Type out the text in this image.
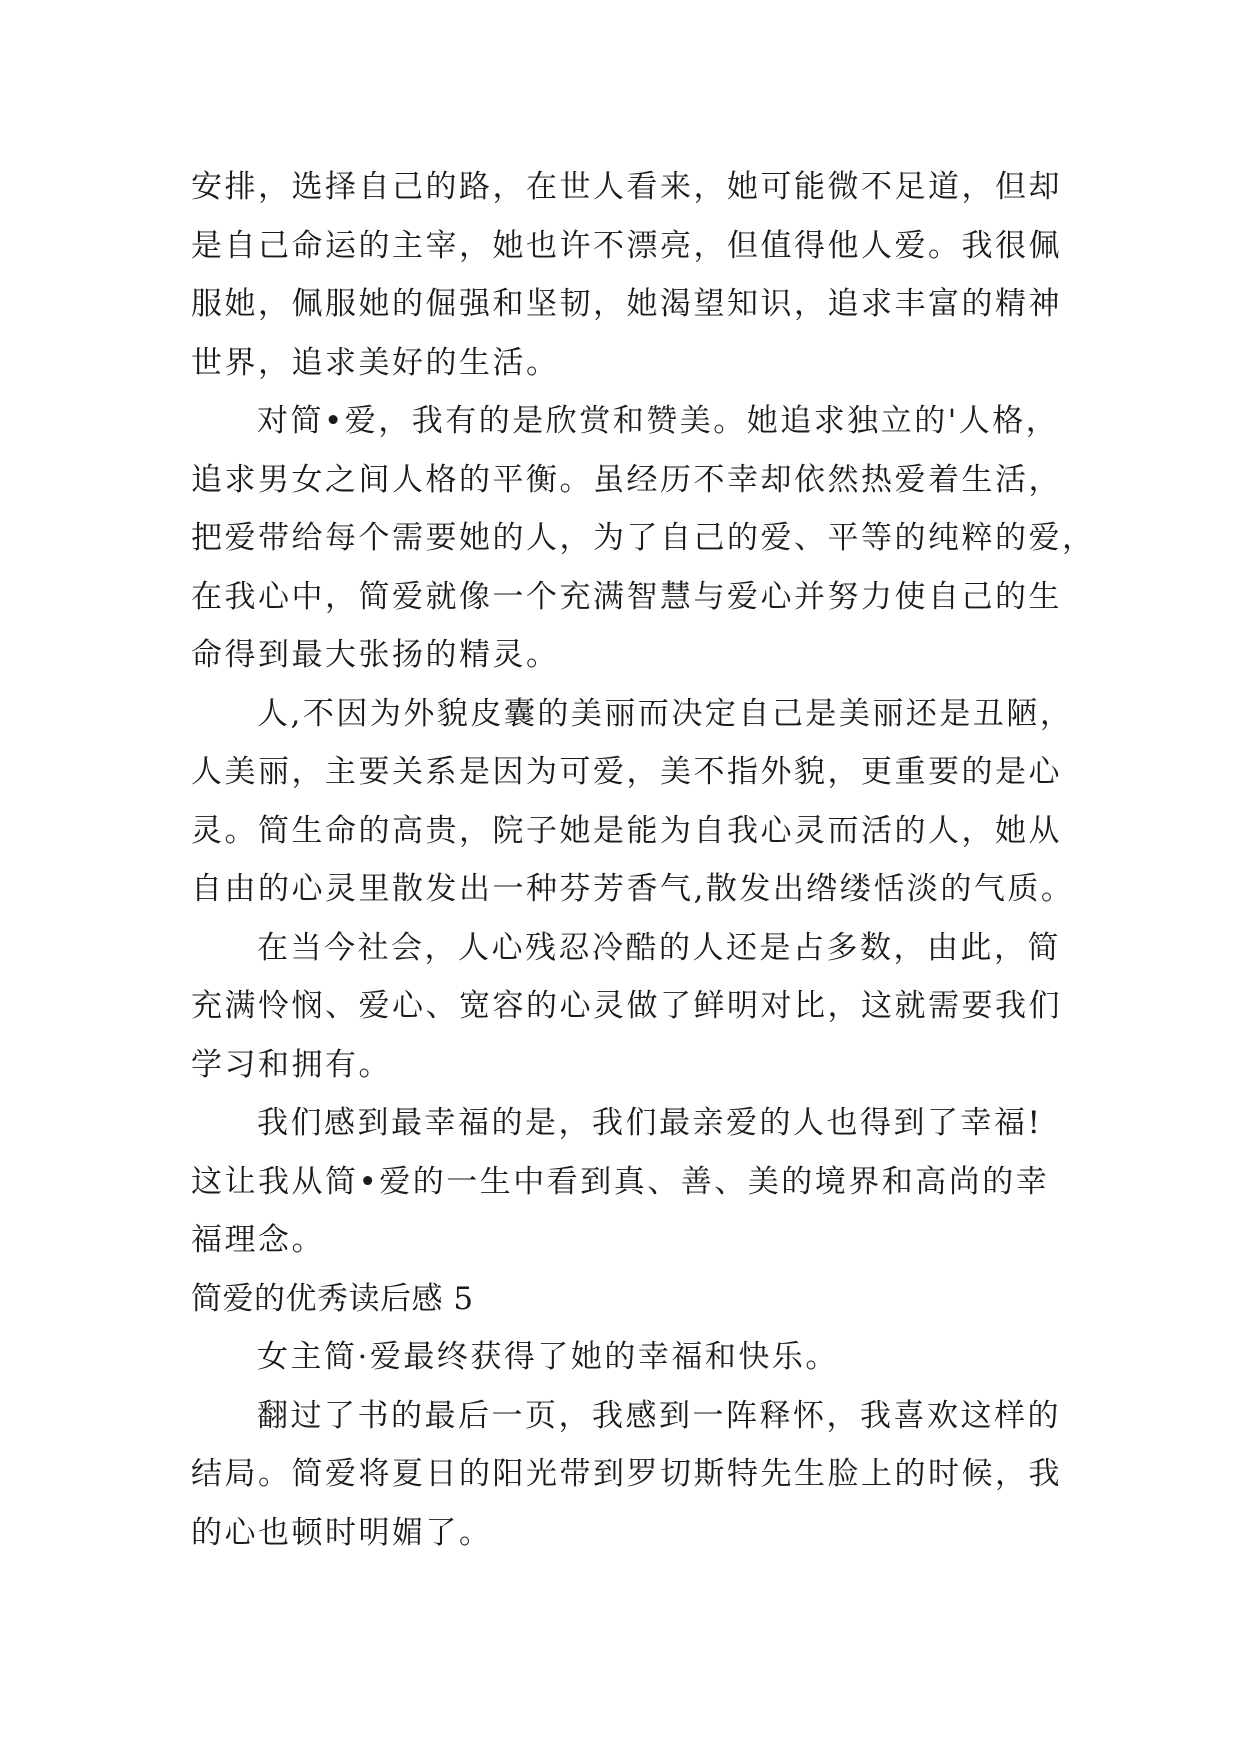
安排，选择自己的路，在世人看来，她可能微不足道，但却
是自己命运的主宰，她也许不漂亮，但值得他人爱。我很佩
服她，佩服她的倔强和坚韧，她渴望知识，追求丰富的精神
世界，追求美好的生活。
对简•爱，我有的是欣赏和赞美。她追求独立的'人格，
追求男女之间人格的平衡。虽经历不幸却依然热爱着生活，
把爱带给每个需要她的人，为了自己的爱、平等的纯粹的爱，
在我心中，简爱就像一个充满智慧与爱心并努力使自己的生
命得到最大张扬的精灵。
人,不因为外貌皮囊的美丽而决定自己是美丽还是丑陋，
人美丽，主要关系是因为可爱，美不指外貌，更重要的是心
灵。简生命的高贵，院子她是能为自我心灵而活的人，她从
自由的心灵里散发出一种芬芳香气,散发出绺缕恬淡的气质。
在当今社会，人心残忍冷酷的人还是占多数，由此，简
充满怜悯、爱心、宽容的心灵做了鲜明对比，这就需要我们
学习和拥有。
我们感到最幸福的是，我们最亲爱的人也得到了幸福!
这让我从简•爱的一生中看到真、善、美的境界和高尚的幸
福理念。
简爱的优秀读后感 5
女主简·爱最终获得了她的幸福和快乐。
翻过了书的最后一页，我感到一阵释怀，我喜欢这样的
结局。简爱将夏日的阳光带到罗切斯特先生脸上的时候，我
的心也顿时明媚了。
